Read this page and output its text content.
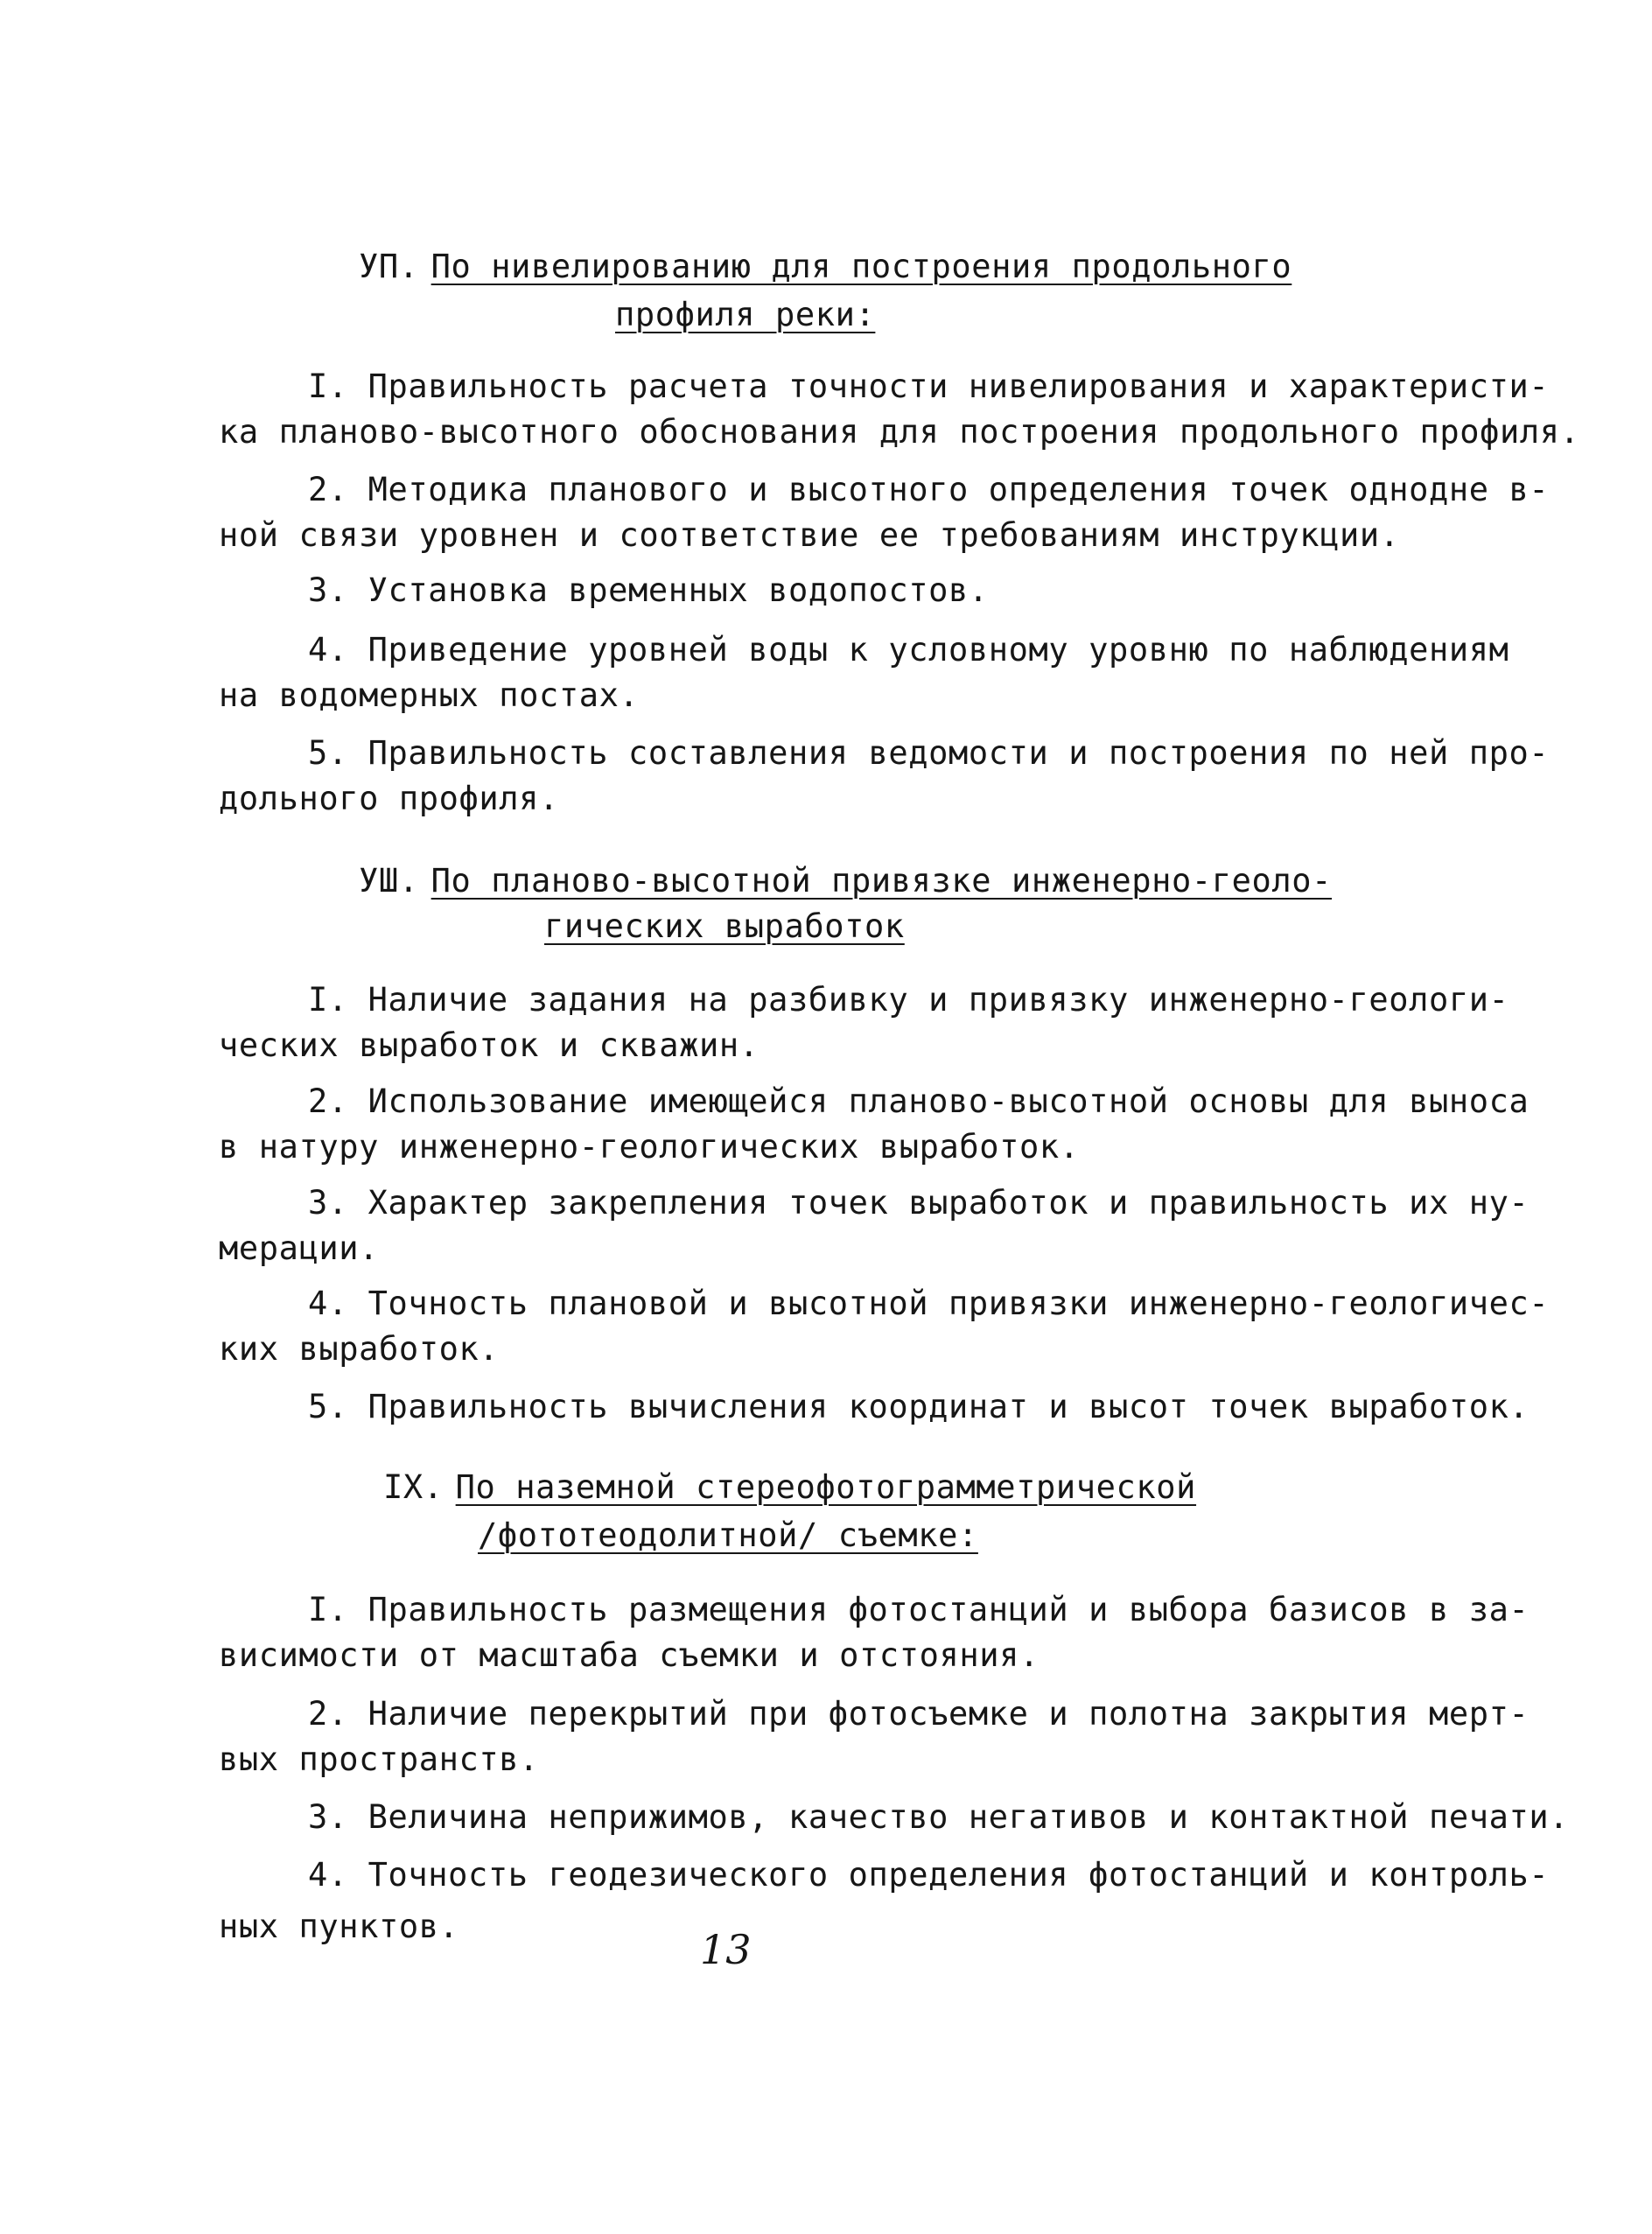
УП. По нивелированию для построения продольного
профиля реки:
I. Правильность расчета точности нивелирования и характеристи-
ка планово-высотного обоснования для построения продольного профиля.
2. Методика планового и высотного определения точек однодне в-
ной связи уровнен и соответствие ее требованиям инструкции.
3. Установка временных водопостов.
4. Приведение уровней воды к условному уровню по наблюдениям
на водомерных постах.
5. Правильность составления ведомости и построения по ней про-
дольного профиля.
УШ. По планово-высотной привязке инженерно-геоло-
гических выработок
I. Наличие задания на разбивку и привязку инженерно-геологи-
ческих выработок и скважин.
2. Использование имеющейся планово-высотной основы для выноса
в натуру инженерно-геологических выработок.
3. Характер закрепления точек выработок и правильность их ну-
мерации.
4. Точность плановой и высотной привязки инженерно-геологичес-
ких выработок.
5. Правильность вычисления координат и высот точек выработок.
IX. По наземной стереофотограмметрической
/фототеодолитной/ съемке:
I. Правильность размещения фотостанций и выбора базисов в за-
висимости от масштаба съемки и отстояния.
2. Наличие перекрытий при фотосъемке и полотна закрытия мерт-
вых пространств.
3. Величина неприжимов, качество негативов и контактной печати.
4. Точность геодезического определения фотостанций и контроль-
ных пунктов.	13
